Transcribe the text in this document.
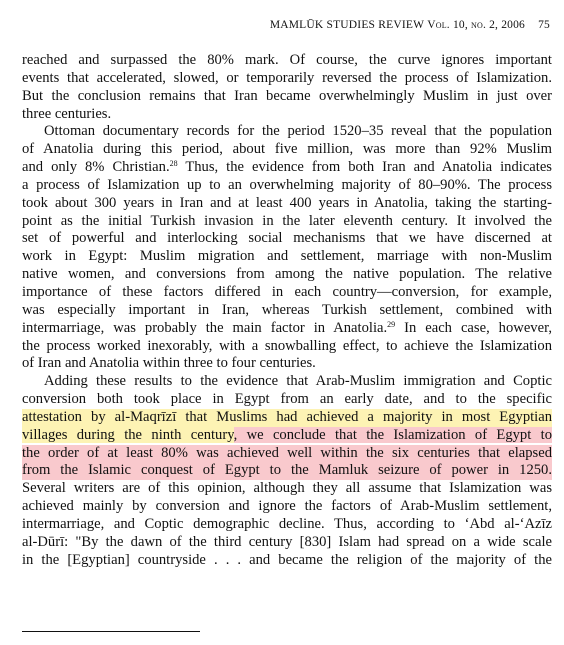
MAMLŪK STUDIES REVIEW Vol. 10, no. 2, 2006 75
reached and surpassed the 80% mark. Of course, the curve ignores important
events that accelerated, slowed, or temporarily reversed the process of Islamization.
But the conclusion remains that Iran became overwhelmingly Muslim in just over
three centuries.
Ottoman documentary records for the period 1520–35 reveal that the population
of Anatolia during this period, about five million, was more than 92% Muslim
and only 8% Christian.$^{28}$ Thus, the evidence from both Iran and Anatolia indicates
a process of Islamization up to an overwhelming majority of 80–90%. The process
took about 300 years in Iran and at least 400 years in Anatolia, taking the starting-
point as the initial Turkish invasion in the later eleventh century. It involved the
set of powerful and interlocking social mechanisms that we have discerned at
work in Egypt: Muslim migration and settlement, marriage with non-Muslim
native women, and conversions from among the native population. The relative
importance of these factors differed in each country—conversion, for example,
was especially important in Iran, whereas Turkish settlement, combined with
intermarriage, was probably the main factor in Anatolia.$^{29}$ In each case, however,
the process worked inexorably, with a snowballing effect, to achieve the Islamization
of Iran and Anatolia within three to four centuries.
Adding these results to the evidence that Arab-Muslim immigration and Coptic
conversion both took place in Egypt from an early date, and to the specific
attestation by al-Maqrīzī that Muslims had achieved a majority in most Egyptian
villages during the ninth century, we conclude that the Islamization of Egypt to
the order of at least 80% was achieved well within the six centuries that elapsed
from the Islamic conquest of Egypt to the Mamluk seizure of power in 1250.
Several writers are of this opinion, although they all assume that Islamization was
achieved mainly by conversion and ignore the factors of Arab-Muslim settlement,
intermarriage, and Coptic demographic decline. Thus, according to ‘Abd al-‘Azīz
al-Dūrī: "By the dawn of the third century [830] Islam had spread on a wide scale
in the [Egyptian] countryside . . . and became the religion of the majority of the
